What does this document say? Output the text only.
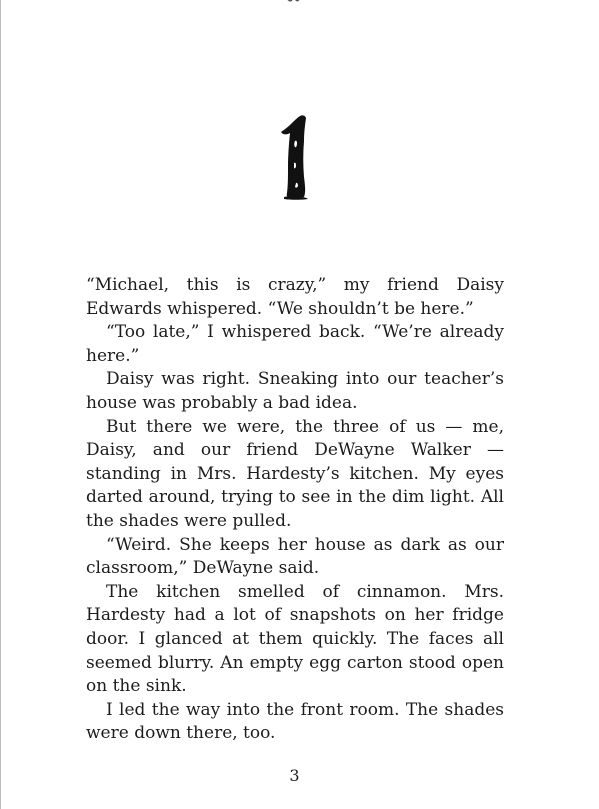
“Michael, this is crazy,” my friend Daisy Edwards whispered. “We shouldn’t be here.”

“Too late,” I whispered back. “We’re already here.”

Daisy was right. Sneaking into our teacher’s house was probably a bad idea.

But there we were, the three of us — me, Daisy, and our friend DeWayne Walker — standing in Mrs. Hardesty’s kitchen. My eyes darted around, trying to see in the dim light. All the shades were pulled.

“Weird. She keeps her house as dark as our classroom,” DeWayne said.

The kitchen smelled of cinnamon. Mrs. Hardesty had a lot of snapshots on her fridge door. I glanced at them quickly. The faces all seemed blurry. An empty egg carton stood open on the sink.

I led the way into the front room. The shades were down there, too.

3
